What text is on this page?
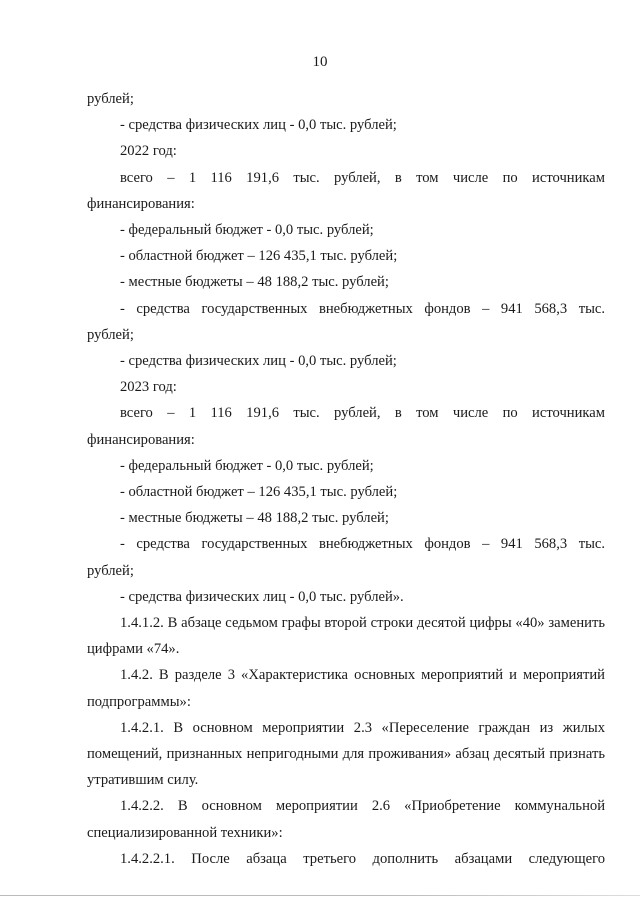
10

рублей;

- средства физических лиц - 0,0 тыс. рублей;

2022 год:

всего – 1 116 191,6 тыс. рублей, в том числе по источникам

финансирования:

- федеральный бюджет - 0,0 тыс. рублей;

- областной бюджет – 126 435,1 тыс. рублей;

- местные бюджеты – 48 188,2 тыс. рублей;

- средства государственных внебюджетных фондов – 941 568,3 тыс.

рублей;

- средства физических лиц - 0,0 тыс. рублей;

2023 год:

всего – 1 116 191,6 тыс. рублей, в том числе по источникам

финансирования:

- федеральный бюджет - 0,0 тыс. рублей;

- областной бюджет – 126 435,1 тыс. рублей;

- местные бюджеты – 48 188,2 тыс. рублей;

- средства государственных внебюджетных фондов – 941 568,3 тыс.

рублей;

- средства физических лиц - 0,0 тыс. рублей».

1.4.1.2. В абзаце седьмом графы второй строки десятой цифры «40» заменить цифрами «74».

1.4.2. В разделе 3 «Характеристика основных мероприятий и мероприятий подпрограммы»:

1.4.2.1. В основном мероприятии 2.3 «Переселение граждан из жилых помещений, признанных непригодными для проживания» абзац десятый признать утратившим силу.

1.4.2.2. В основном мероприятии 2.6 «Приобретение коммунальной специализированной техники»:

1.4.2.2.1. После абзаца третьего дополнить абзацами следующего
